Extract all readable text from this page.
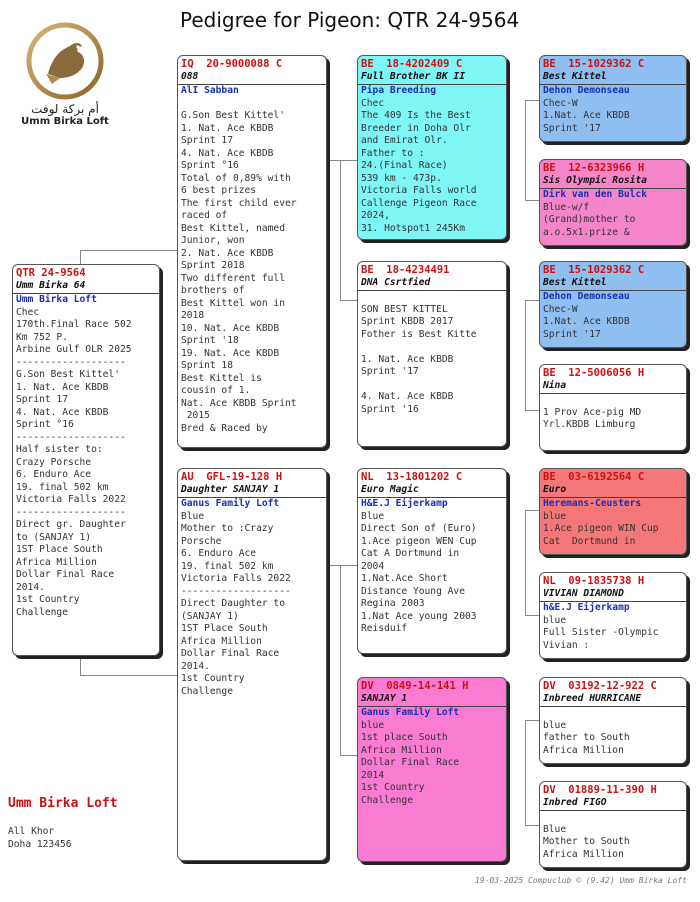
Pedigree for Pigeon: QTR 24-9564
أم بركة لوفت
Umm Birka Loft
QTR 24-9564
Umm Birka 64
Umm Birka Loft
Chec
170th.Final Race 502
Km 752 P.
Arbine Gulf OLR 2025
-------------------
G.Son Best Kittel'
1. Nat. Ace KBDB
Sprint 17
4. Nat. Ace KBDB
Sprint °16
-------------------
Half sister to:
Crazy Porsche
6. Enduro Ace
19. final 502 km
Victoria Falls 2022
-------------------
Direct gr. Daughter
to (SANJAY 1)
1ST Place South
Africa Million
Dollar Final Race
2014.
1st Country
Challenge
IQ  20-9000088 C
088
AlI Sabban
G.Son Best Kittel'
1. Nat. Ace KBDB
Sprint 17
4. Nat. Ace KBDB
Sprint °16
Total of 0,89% with
6 best prizes
The first child ever
raced of
Best Kittel, named
Junior, won
2. Nat. Ace KBDB
Sprint 2018
Two different full
brothers of
Best Kittel won in
2018
10. Nat. Ace KBDB
Sprint '18
19. Nat. Ace KBDB
Sprint 18
Best Kittel is
cousin of 1.
Nat. Ace KBDB Sprint
2015
Bred & Raced by
AU  GFL-19-128 H
Daughter SANJAY 1
Ganus Family Loft
Blue
Mother to :Crazy
Porsche
6. Enduro Ace
19. final 502 km
Victoria Falls 2022
-------------------
Direct Daughter to
(SANJAY 1)
1ST Place South
Africa Million
Dollar Final Race
2014.
1st Country
Challenge
BE  18-4202409 C
Full Brother BK II
Pipa Breeding
Chec
The 409 Is the Best
Breeder in Doha Olr
and Emirat Olr.
Father to :
24.(Final Race)
539 km - 473p.
Victoria Falls world
Callenge Pigeon Race
2024,
31. Hotspot1 245Km
BE  18-4234491
DNA Csrtfied
SON BEST KITTEL
Sprint KBDB 2017
Fother is Best Kitte
1. Nat. Ace KBDB
Sprint '17
4. Nat. Ace KBDB
Sprint '16
NL  13-1801202 C
Euro Magic
H&E.J Eijerkamp
Blue
Direct Son of (Euro)
1.Ace pigeon WEN Cup
Cat A Dortmund in
2004
1.Nat.Ace Short
Distance Young Ave
Regina 2003
1.Nat Ace young 2003
Reisduif
DV  0849-14-141 H
SANJAY 1
Ganus Family Loft
blue
1st place South
Africa Million
Dollar Final Race
2014
1st Country
Challenge
BE  15-1029362 C
Best Kittel
Dehon Demonseau
Chec-W
1.Nat. Ace KBDB
Sprint '17
BE  12-6323966 H
Sis Olympic Rosita
Dirk van den Bulck
Blue-w/f
(Grand)mother to
a.o.5x1.prize &
BE  15-1029362 C
Best Kittel
Dehon Demonseau
Chec-W
1.Nat. Ace KBDB
Sprint '17
BE  12-5006056 H
Nina
1 Prov Ace-pig MD
Yrl.KBDB Limburg
BE  03-6192564 C
Euro
Heremans-Ceusters
blue
1.Ace pigeon WIN Cup
Cat  Dortmund in
NL  09-1835738 H
VIVIAN DIAMOND
h&E.J Eijerkamp
blue
Full Sister -Olympic
Vivian :
DV  03192-12-922 C
Inbreed HURRICANE
blue
father to South
Africa Million
DV  01889-11-390 H
Inbred FIGO
Blue
Mother to South
Africa Million
Umm Birka Loft
All Khor
Doha 123456
19-03-2025 Compuclub © (9.42) Umm Birka Loft
